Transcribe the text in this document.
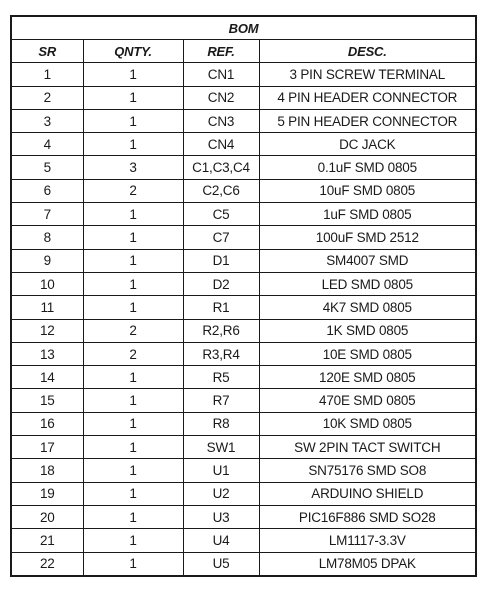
BOM			
SR	QNTY.	REF.	DESC.
1	1	CN1	3 PIN SCREW TERMINAL
2	1	CN2	4 PIN HEADER CONNECTOR
3	1	CN3	5 PIN HEADER CONNECTOR
4	1	CN4	DC JACK
5	3	C1,C3,C4	0.1uF SMD 0805
6	2	C2,C6	10uF SMD 0805
7	1	C5	1uF SMD 0805
8	1	C7	100uF SMD 2512
9	1	D1	SM4007 SMD
10	1	D2	LED SMD 0805
11	1	R1	4K7 SMD 0805
12	2	R2,R6	1K SMD 0805
13	2	R3,R4	10E SMD 0805
14	1	R5	120E SMD 0805
15	1	R7	470E SMD 0805
16	1	R8	10K SMD 0805
17	1	SW1	SW 2PIN TACT SWITCH
18	1	U1	SN75176 SMD SO8
19	1	U2	ARDUINO SHIELD
20	1	U3	PIC16F886 SMD SO28
21	1	U4	LM1117-3.3V
22	1	U5	LM78M05 DPAK
